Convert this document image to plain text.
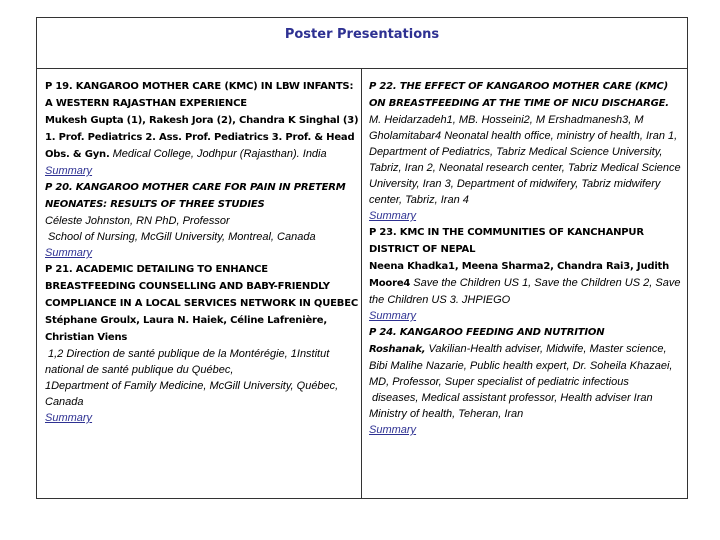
Poster Presentations

P 19. KANGAROO MOTHER CARE (KMC) IN LBW INFANTS: A WESTERN RAJASTHAN EXPERIENCE
Mukesh Gupta (1), Rakesh Jora (2), Chandra K Singhal (3) 1. Prof. Pediatrics 2. Ass. Prof. Pediatrics 3. Prof. & Head Obs. & Gyn. Medical College, Jodhpur (Rajasthan). India
Summary

P 20. KANGAROO MOTHER CARE FOR PAIN IN PRETERM NEONATES: RESULTS OF THREE STUDIES
Céleste Johnston, RN PhD, Professor
School of Nursing, McGill University, Montreal, Canada
Summary

P 21. ACADEMIC DETAILING TO ENHANCE BREASTFEEDING COUNSELLING AND BABY-FRIENDLY COMPLIANCE IN A LOCAL SERVICES NETWORK IN QUEBEC
Stéphane Groulx, Laura N. Haiek, Céline Lafrenière, Christian Viens
1,2 Direction de santé publique de la Montérégie, 1Institut national de santé publique du Québec,
1Department of Family Medicine, McGill University, Québec, Canada
Summary

P 22. THE EFFECT OF KANGAROO MOTHER CARE (KMC) ON BREASTFEEDING AT THE TIME OF NICU DISCHARGE.
M. Heidarzadeh1, MB. Hosseini2, M Ershadmanesh3, M Gholamitabar4 Neonatal health office, ministry of health, Iran 1, Department of Pediatrics, Tabriz Medical Science University, Tabriz, Iran 2, Neonatal research center, Tabriz Medical Science University, Iran 3, Department of midwifery, Tabriz midwifery center, Tabriz, Iran 4
Summary

P 23. KMC IN THE COMMUNITIES OF KANCHANPUR DISTRICT OF NEPAL
Neena Khadka1, Meena Sharma2, Chandra Rai3, Judith Moore4 Save the Children US 1, Save the Children US 2, Save the Children US 3. JHPIEGO
Summary

P 24. KANGAROO FEEDING AND NUTRITION
Roshanak, Vakilian-Health adviser, Midwife, Master science, Bibi Malihe Nazarie, Public health expert, Dr. Soheila Khazaei, MD, Professor, Super specialist of pediatric infectious
diseases, Medical assistant professor, Health adviser Iran Ministry of health, Teheran, Iran
Summary
